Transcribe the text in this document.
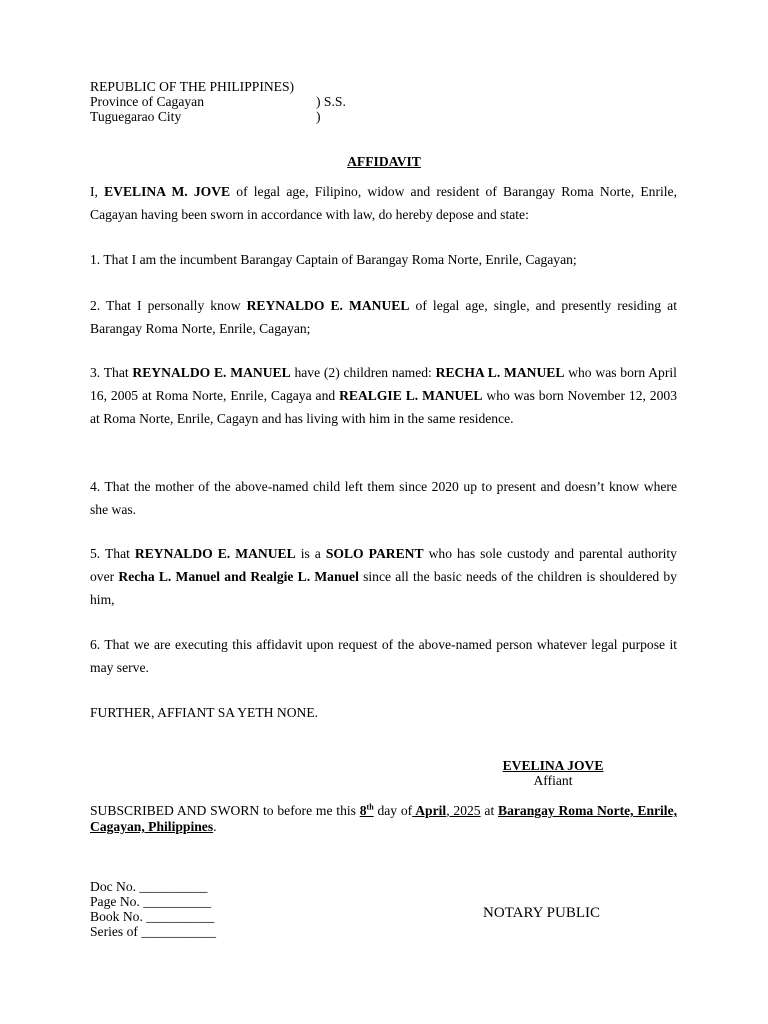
REPUBLIC OF THE PHILIPPINES)
Province of Cagayan	) S.S.
Tuguegarao City	)
AFFIDAVIT
I, EVELINA M. JOVE of legal age, Filipino, widow and resident of Barangay Roma Norte, Enrile, Cagayan having been sworn in accordance with law, do hereby depose and state:
1. That I am the incumbent Barangay Captain of Barangay Roma Norte, Enrile, Cagayan;
2. That I personally know REYNALDO E. MANUEL of legal age, single, and presently residing at Barangay Roma Norte, Enrile, Cagayan;
3. That REYNALDO E. MANUEL have (2) children named: RECHA L. MANUEL who was born April 16, 2005 at Roma Norte, Enrile, Cagaya and REALGIE L. MANUEL who was born November 12, 2003 at Roma Norte, Enrile, Cagayn and has living with him in the same residence.
4. That the mother of the above-named child left them since 2020 up to present and doesn’t know where she was.
5. That REYNALDO E. MANUEL is a SOLO PARENT who has sole custody and parental authority over Recha L. Manuel and Realgie L. Manuel since all the basic needs of the children is shouldered by him,
6. That we are executing this affidavit upon request of the above-named person whatever legal purpose it may serve.
FURTHER, AFFIANT SA YETH NONE.
EVELINA JOVE
Affiant
SUBSCRIBED AND SWORN to before me this 8th day of April, 2025 at Barangay Roma Norte, Enrile, Cagayan, Philippines.
Doc No. __________
Page No. __________
Book No. __________
Series of ___________
NOTARY PUBLIC
